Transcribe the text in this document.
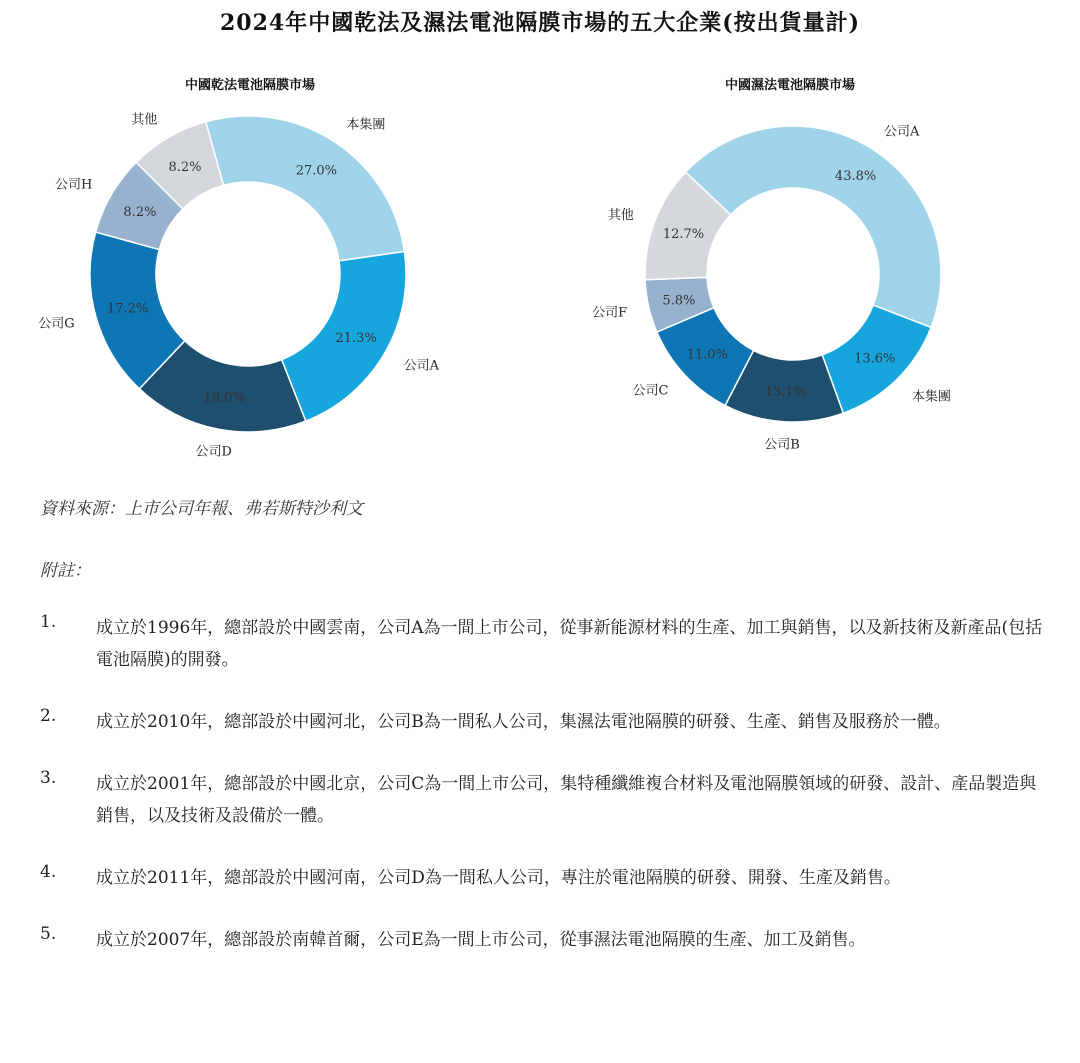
2024年中國乾法及濕法電池隔膜市場的五大企業(按出貨量計)
中國乾法電池隔膜市場
27.0%
本集團
21.3%
公司A
18.0%
公司D
17.2%
公司G
8.2%
公司H
8.2%
其他
中國濕法電池隔膜市場
43.8%
公司A
13.6%
本集團
13.1%
公司B
11.0%
公司C
5.8%
公司F
12.7%
其他
資料來源：上市公司年報、弗若斯特沙利文
附註：
1. 成立於1996年，總部設於中國雲南，公司A為一間上市公司，從事新能源材料的生產、加工與銷售，以及新技術及新產品(包括電池隔膜)的開發。
2. 成立於2010年，總部設於中國河北，公司B為一間私人公司，集濕法電池隔膜的研發、生產、銷售及服務於一體。
3. 成立於2001年，總部設於中國北京，公司C為一間上市公司，集特種纖維複合材料及電池隔膜領域的研發、設計、產品製造與銷售，以及技術及設備於一體。
4. 成立於2011年，總部設於中國河南，公司D為一間私人公司，專注於電池隔膜的研發、開發、生產及銷售。
5. 成立於2007年，總部設於南韓首爾，公司E為一間上市公司，從事濕法電池隔膜的生產、加工及銷售。
